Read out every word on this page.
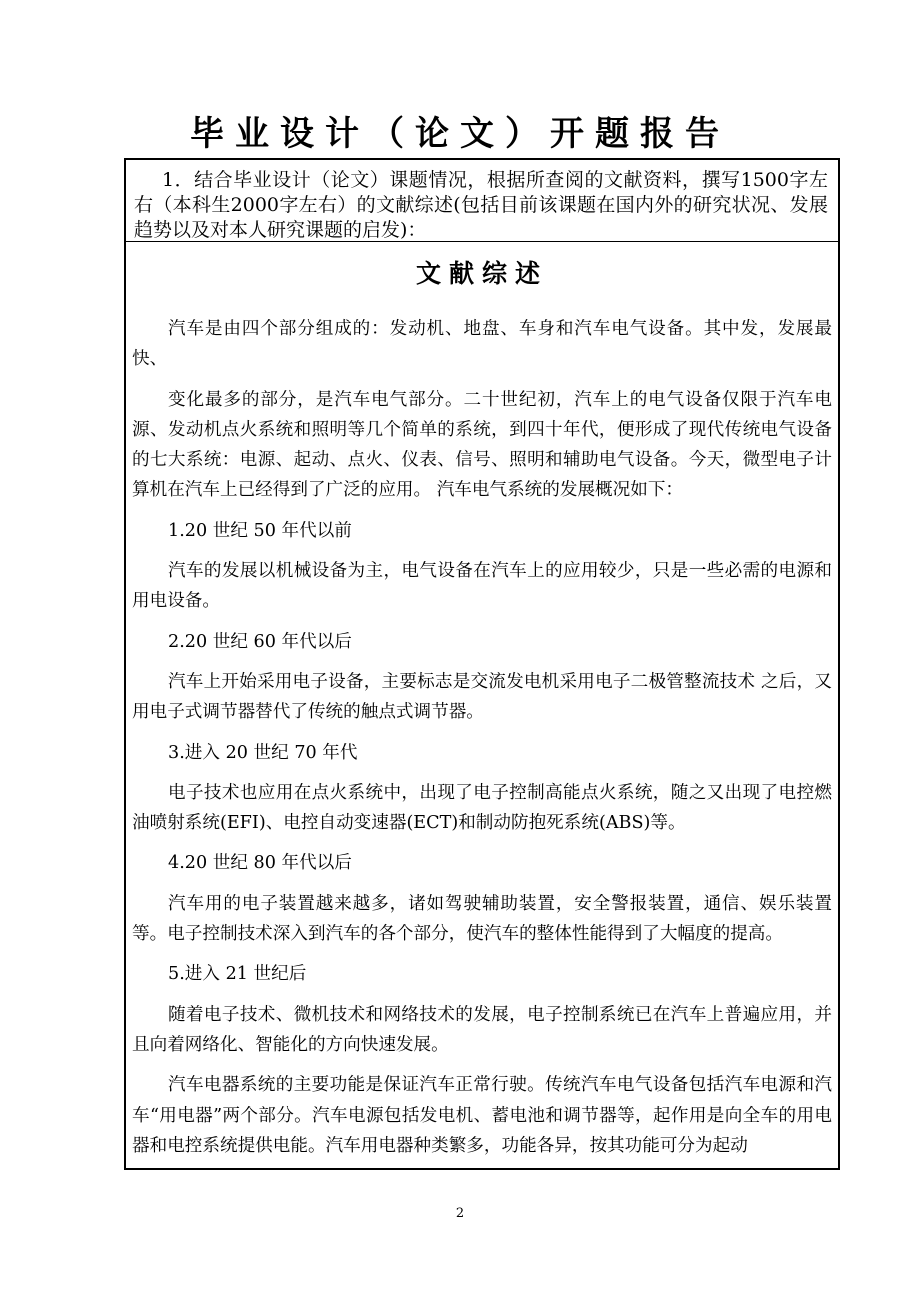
毕业设计（论文）开题报告
1．结合毕业设计（论文）课题情况，根据所查阅的文献资料，撰写1500字左右（本科生2000字左右）的文献综述(包括目前该课题在国内外的研究状况、发展趋势以及对本人研究课题的启发)：
文献综述

汽车是由四个部分组成的：发动机、地盘、车身和汽车电气设备。其中发，发展最快、

变化最多的部分，是汽车电气部分。二十世纪初，汽车上的电气设备仅限于汽车电源、发动机点火系统和照明等几个简单的系统，到四十年代，便形成了现代传统电气设备的七大系统：电源、起动、点火、仪表、信号、照明和辅助电气设备。今天，微型电子计算机在汽车上已经得到了广泛的应用。 汽车电气系统的发展概况如下：

1.20 世纪 50 年代以前

汽车的发展以机械设备为主，电气设备在汽车上的应用较少，只是一些必需的电源和用电设备。

2.20 世纪 60 年代以后

汽车上开始采用电子设备，主要标志是交流发电机采用电子二极管整流技术 之后，又用电子式调节器替代了传统的触点式调节器。

3.进入 20 世纪 70 年代

电子技术也应用在点火系统中，出现了电子控制高能点火系统，随之又出现了电控燃油喷射系统(EFI)、电控自动变速器(ECT)和制动防抱死系统(ABS)等。

4.20 世纪 80 年代以后

汽车用的电子装置越来越多，诸如驾驶辅助装置，安全警报装置，通信、娱乐装置等。电子控制技术深入到汽车的各个部分，使汽车的整体性能得到了大幅度的提高。

5.进入 21 世纪后

随着电子技术、微机技术和网络技术的发展，电子控制系统已在汽车上普遍应用，并且向着网络化、智能化的方向快速发展。

汽车电器系统的主要功能是保证汽车正常行驶。传统汽车电气设备包括汽车电源和汽车“用电器”两个部分。汽车电源包括发电机、蓄电池和调节器等，起作用是向全车的用电器和电控系统提供电能。汽车用电器种类繁多，功能各异，按其功能可分为起动

2
